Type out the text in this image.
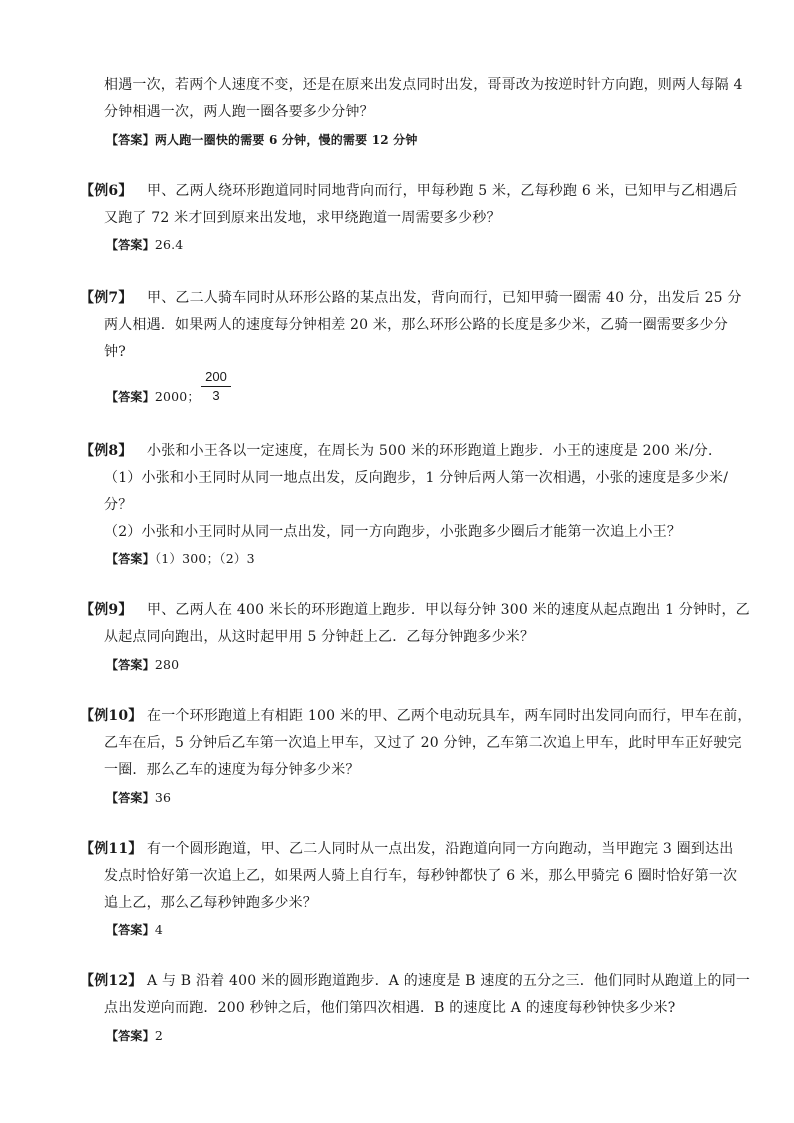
相遇一次，若两个人速度不变，还是在原来出发点同时出发，哥哥改为按逆时针方向跑，则两人每隔 4
分钟相遇一次，两人跑一圈各要多少分钟？
【答案】两人跑一圈快的需要 6 分钟，慢的需要 12 分钟
【例6】 甲、乙两人绕环形跑道同时同地背向而行，甲每秒跑 5 米，乙每秒跑 6 米，已知甲与乙相遇后
又跑了 72 米才回到原来出发地，求甲绕跑道一周需要多少秒？
【答案】26.4
【例7】 甲、乙二人骑车同时从环形公路的某点出发，背向而行，已知甲骑一圈需 40 分，出发后 25 分
两人相遇．如果两人的速度每分钟相差 20 米，那么环形公路的长度是多少米，乙骑一圈需要多少分
钟?
【答案】2000；
200
3
【例8】 小张和小王各以一定速度，在周长为 500 米的环形跑道上跑步．小王的速度是 200 米/分．
（1）小张和小王同时从同一地点出发，反向跑步，1 分钟后两人第一次相遇，小张的速度是多少米/
分？
（2）小张和小王同时从同一点出发，同一方向跑步，小张跑多少圈后才能第一次追上小王？
【答案】（1）300；（2）3
【例9】 甲、乙两人在 400 米长的环形跑道上跑步．甲以每分钟 300 米的速度从起点跑出 1 分钟时，乙
从起点同向跑出，从这时起甲用 5 分钟赶上乙．乙每分钟跑多少米？
【答案】280
【例10】 在一个环形跑道上有相距 100 米的甲、乙两个电动玩具车，两车同时出发同向而行，甲车在前，
乙车在后，5 分钟后乙车第一次追上甲车，又过了 20 分钟，乙车第二次追上甲车，此时甲车正好驶完
一圈．那么乙车的速度为每分钟多少米？
【答案】36
【例11】 有一个圆形跑道，甲、乙二人同时从一点出发，沿跑道向同一方向跑动，当甲跑完 3 圈到达出
发点时恰好第一次追上乙，如果两人骑上自行车，每秒钟都快了 6 米，那么甲骑完 6 圈时恰好第一次
追上乙，那么乙每秒钟跑多少米？
【答案】4
【例12】 A 与 B 沿着 400 米的圆形跑道跑步．A 的速度是 B 速度的五分之三．他们同时从跑道上的同一
点出发逆向而跑．200 秒钟之后，他们第四次相遇．B 的速度比 A 的速度每秒钟快多少米?
【答案】2
